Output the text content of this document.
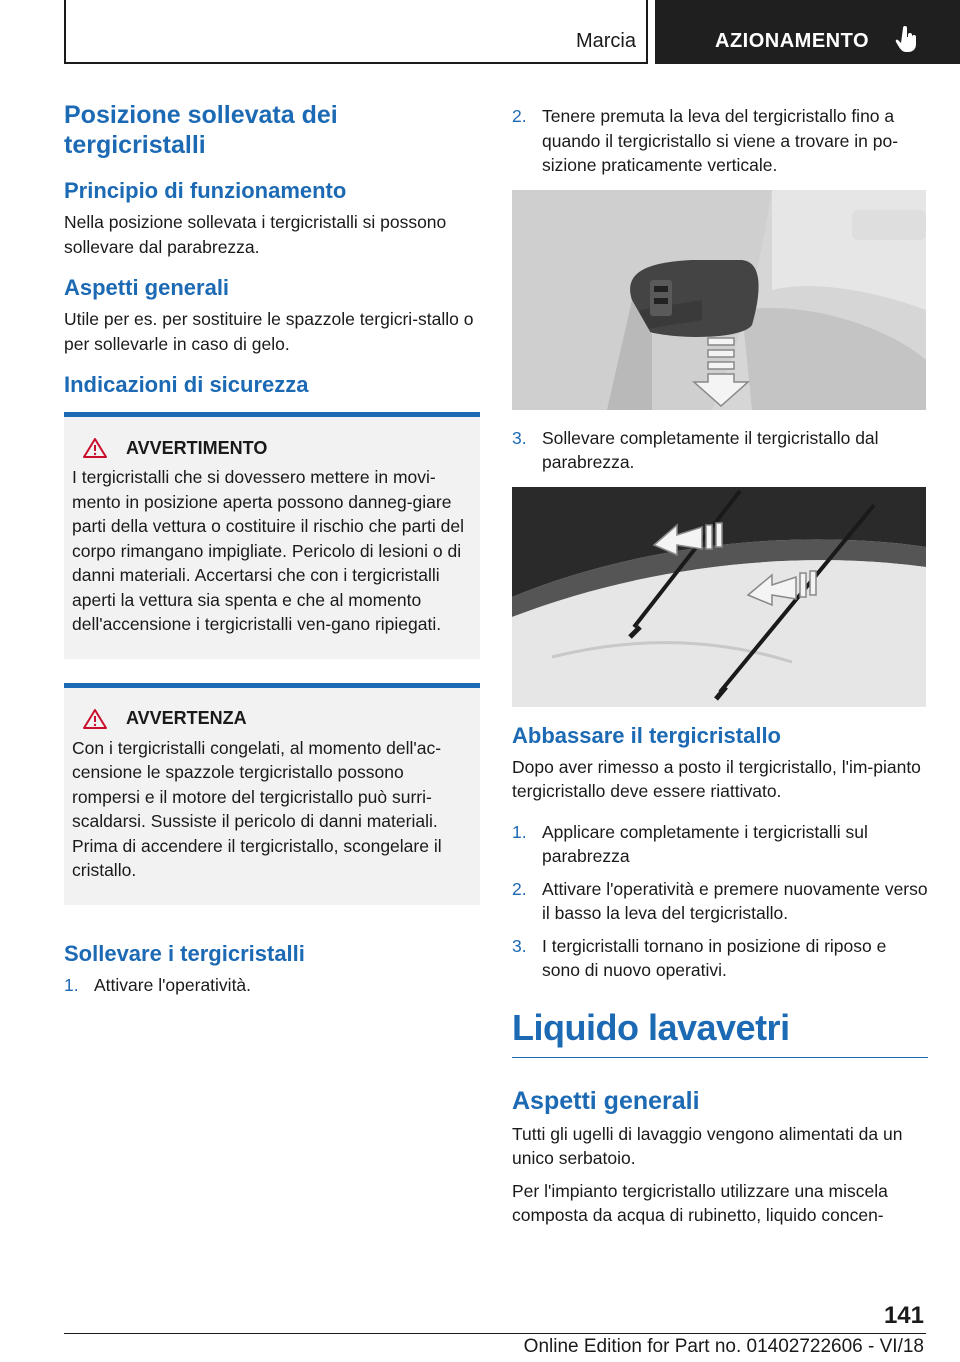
Marcia	AZIONAMENTO
Posizione sollevata dei tergicristalli
Principio di funzionamento

Nella posizione sollevata i tergicristalli si possono sollevare dal parabrezza.

Aspetti generali

Utile per es. per sostituire le spazzole tergicri-stallo o per sollevarle in caso di gelo.

Indicazioni di sicurezza
AVVERTIMENTO
I tergicristalli che si dovessero mettere in movi-mento in posizione aperta possono danneg-giare parti della vettura o costituire il rischio che parti del corpo rimangano impigliate. Pericolo di lesioni o di danni materiali. Accertarsi che con i tergicristalli aperti la vettura sia spenta e che al momento dell'accensione i tergicristalli ven-gano ripiegati.
AVVERTENZA
Con i tergicristalli congelati, al momento dell'ac-censione le spazzole tergicristallo possono rompersi e il motore del tergicristallo può surri-scaldarsi. Sussiste il pericolo di danni materiali. Prima di accendere il tergicristallo, scongelare il cristallo.
Sollevare i tergicristalli
1. Attivare l'operatività.
2. Tenere premuta la leva del tergicristallo fino a quando il tergicristallo si viene a trovare in po-sizione praticamente verticale.
3. Sollevare completamente il tergicristallo dal parabrezza.
Abbassare il tergicristallo

Dopo aver rimesso a posto il tergicristallo, l'im-pianto tergicristallo deve essere riattivato.

1. Applicare completamente i tergicristalli sul parabrezza
2. Attivare l'operatività e premere nuovamente verso il basso la leva del tergicristallo.
3. I tergicristalli tornano in posizione di riposo e sono di nuovo operativi.
Liquido lavavetri
Aspetti generali

Tutti gli ugelli di lavaggio vengono alimentati da un unico serbatoio.

Per l'impianto tergicristallo utilizzare una miscela composta da acqua di rubinetto, liquido concen-

141
Online Edition for Part no. 01402722606 - VI/18
